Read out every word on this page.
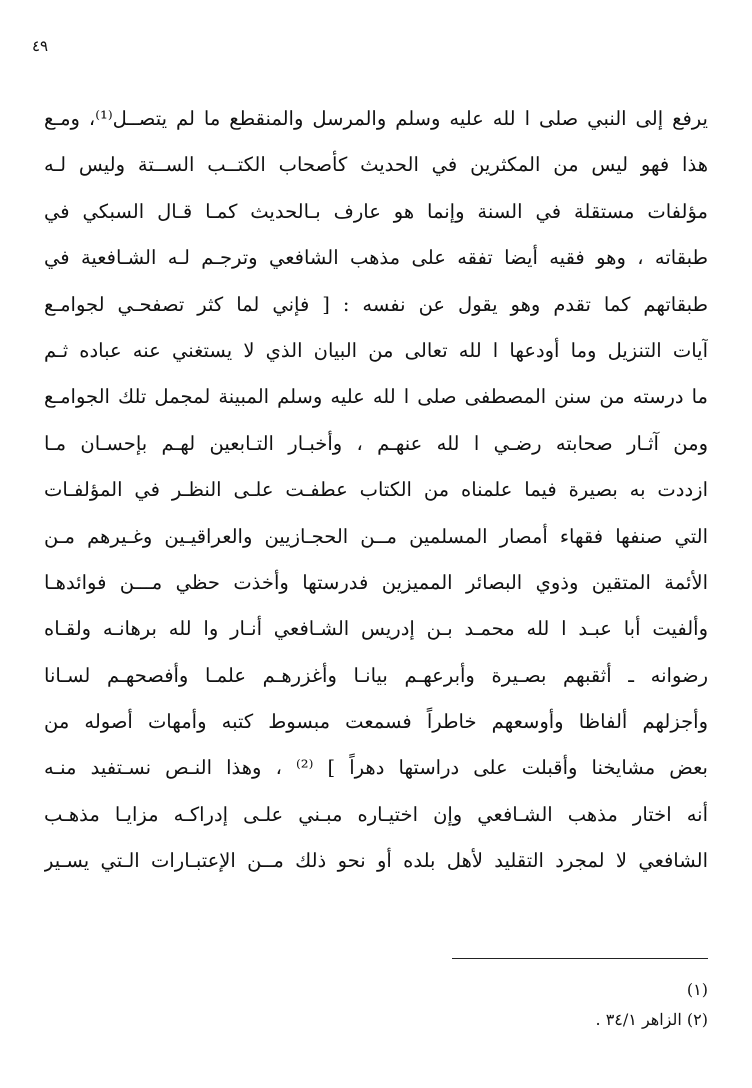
٤٩
يرفع إلى النبي صلى ا لله عليه وسلم والمرسل والمنقطع ما لم يتصــل⁽¹⁾، ومـع
هذا فهو ليس من المكثرين في الحديث كأصحاب الكتــب الســتة وليس لـه
مؤلفات مستقلة في السنة وإنما هو عارف بـالحديث كمـا قـال السبكي في
طبقاته ، وهو فقيه أيضا تفقه على مذهب الشافعي وترجـم لـه الشـافعية في
طبقاتهم كما تقدم وهو يقول عن نفسه : [ فإني لما كثر تصفحـي لجوامـع
آيات التنزيل وما أودعها ا لله تعالى من البيان الذي لا يستغني عنه عباده ثـم
ما درسته من سنن المصطفى صلى ا لله عليه وسلم المبينة لمجمل تلك الجوامـع
ومن آثـار صحابته رضـي ا لله عنهـم ، وأخبـار التـابعين لهـم بإحسـان مـا
ازددت به بصيرة فيما علمناه من الكتاب عطفـت علـى النظـر في المؤلفـات
التي صنفها فقهاء أمصار المسلمين مــن الحجـازيين والعراقيـين وغـيرهم مـن
الأئمة المتقين وذوي البصائر المميزين فدرستها وأخذت حظي مـــن فوائدهـا
وألفيت أبا عبـد ا لله محمـد بـن إدريس الشـافعي أنـار وا لله برهانـه ولقـاه
رضوانه ـ أثقبهم بصـيرة وأبرعهـم بيانـا وأغزرهـم علمـا وأفصحهـم لسـانا
وأجزلهم ألفاظا وأوسعهم خاطراً فسمعت مبسوط كتبه وأمهات أصوله من
بعض مشايخنا وأقبلت على دراستها دهراً ] ⁽²⁾ ، وهذا النـص نسـتفيد منـه
أنه اختار مذهب الشـافعي وإن اختيـاره مبـني علـى إدراكـه مزايـا مذهـب
الشافعي لا لمجرد التقليد لأهل بلده أو نحو ذلك مــن الإعتبـارات الـتي يسـير
(١)
(٢) الزاهر ٣٤/١ .
